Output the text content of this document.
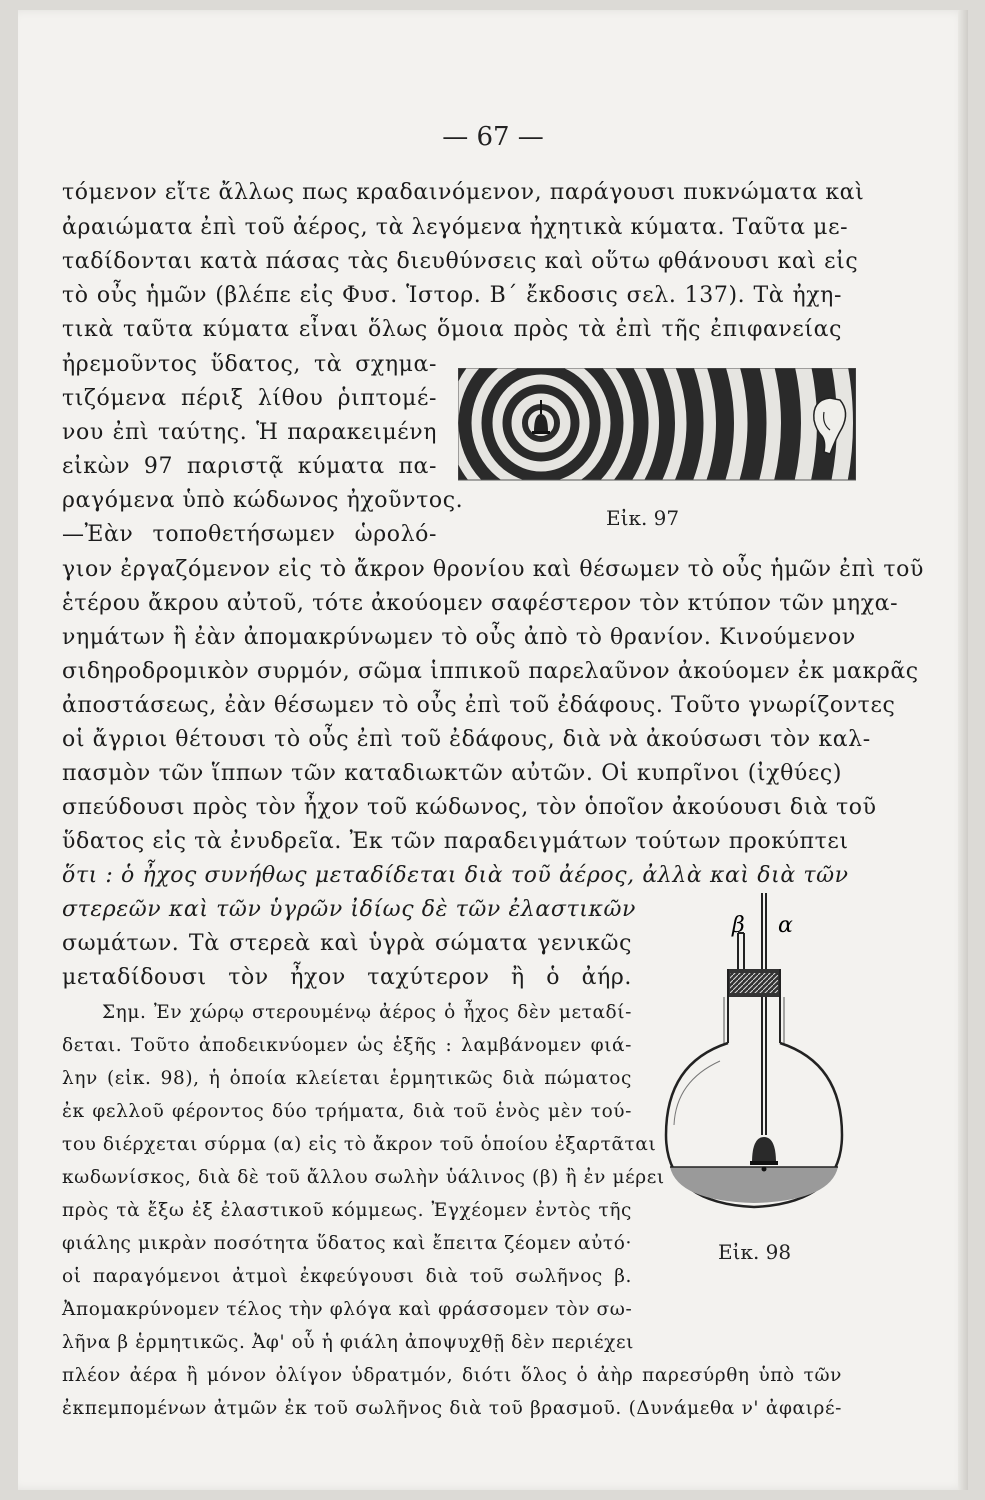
— 67 —
τόμενον εἴτε ἄλλως πως κραδαινόμενον, παράγουσι πυκνώματα καὶ
ἀραιώματα ἐπὶ τοῦ ἀέρος, τὰ λεγόμενα ἠχητικὰ κύματα. Ταῦτα με-
ταδίδονται κατὰ πάσας τὰς διευθύνσεις καὶ οὕτω φθάνουσι καὶ εἰς
τὸ οὖς ἡμῶν (βλέπε εἰς Φυσ. Ἱστορ. Β΄ ἔκδοσις σελ. 137). Τὰ ἠχη-
τικὰ ταῦτα κύματα εἶναι ὅλως ὅμοια πρὸς τὰ ἐπὶ τῆς ἐπιφανείας
ἠρεμοῦντος ὕδατος, τὰ σχημα-
τιζόμενα πέριξ λίθου ῥιπτομέ-
νου ἐπὶ ταύτης. Ἡ παρακειμένη
εἰκὼν 97 παριστᾷ κύματα πα-
ραγόμενα ὑπὸ κώδωνος ἠχοῦντος.
—Ἐὰν τοποθετήσωμεν ὡρολό-
Εἰκ. 97
γιον ἐργαζόμενον εἰς τὸ ἄκρον θρονίου καὶ θέσωμεν τὸ οὖς ἡμῶν ἐπὶ τοῦ
ἑτέρου ἄκρου αὐτοῦ, τότε ἀκούομεν σαφέστερον τὸν κτύπον τῶν μηχα-
νημάτων ἢ ἐὰν ἀπομακρύνωμεν τὸ οὖς ἀπὸ τὸ θρανίον. Κινούμενον
σιδηροδρομικὸν συρμόν, σῶμα ἱππικοῦ παρελαῦνον ἀκούομεν ἐκ μακρᾶς
ἀποστάσεως, ἐὰν θέσωμεν τὸ οὖς ἐπὶ τοῦ ἐδάφους. Τοῦτο γνωρίζοντες
οἱ ἄγριοι θέτουσι τὸ οὖς ἐπὶ τοῦ ἐδάφους, διὰ νὰ ἀκούσωσι τὸν καλ-
πασμὸν τῶν ἵππων τῶν καταδιωκτῶν αὐτῶν. Οἱ κυπρῖνοι (ἰχθύες)
σπεύδουσι πρὸς τὸν ἦχον τοῦ κώδωνος, τὸν ὁποῖον ἀκούουσι διὰ τοῦ
ὕδατος εἰς τὰ ἐνυδρεῖα. Ἐκ τῶν παραδειγμάτων τούτων προκύπτει
ὅτι : ὁ ἦχος συνήθως μεταδίδεται διὰ τοῦ ἀέρος, ἀλλὰ καὶ διὰ τῶν
στερεῶν καὶ τῶν ὑγρῶν ἰδίως δὲ τῶν ἐλαστικῶν
σωμάτων. Τὰ στερεὰ καὶ ὑγρὰ σώματα γενικῶς
μεταδίδουσι τὸν ἦχον ταχύτερον ἢ ὁ ἀήρ.
Σημ. Ἐν χώρῳ στερουμένῳ ἀέρος ὁ ἦχος δὲν μεταδί-
δεται. Τοῦτο ἀποδεικνύομεν ὡς ἑξῆς : λαμβάνομεν φιά-
λην (εἰκ. 98), ἡ ὁποία κλείεται ἑρμητικῶς διὰ πώματος
ἐκ φελλοῦ φέροντος δύο τρήματα, διὰ τοῦ ἑνὸς μὲν τού-
του διέρχεται σύρμα (α) εἰς τὸ ἄκρον τοῦ ὁποίου ἐξαρτᾶται
κωδωνίσκος, διὰ δὲ τοῦ ἄλλου σωλὴν ὑάλινος (β) ἢ ἐν μέρει
πρὸς τὰ ἔξω ἐξ ἐλαστικοῦ κόμμεως. Ἐγχέομεν ἐντὸς τῆς
φιάλης μικρὰν ποσότητα ὕδατος καὶ ἔπειτα ζέομεν αὐτό·
οἱ παραγόμενοι ἀτμοὶ ἐκφεύγουσι διὰ τοῦ σωλῆνος β.
Ἀπομακρύνομεν τέλος τὴν φλόγα καὶ φράσσομεν τὸν σω-
λῆνα β ἑρμητικῶς. Ἀφ' οὗ ἡ φιάλη ἀποψυχθῇ δὲν περιέχει
πλέον ἀέρα ἢ μόνον ὀλίγον ὑδρατμόν, διότι ὅλος ὁ ἀὴρ παρεσύρθη ὑπὸ τῶν
ἐκπεμπομένων ἀτμῶν ἐκ τοῦ σωλῆνος διὰ τοῦ βρασμοῦ. (Δυνάμεθα ν' ἀφαιρέ-
β α
Εἰκ. 98
